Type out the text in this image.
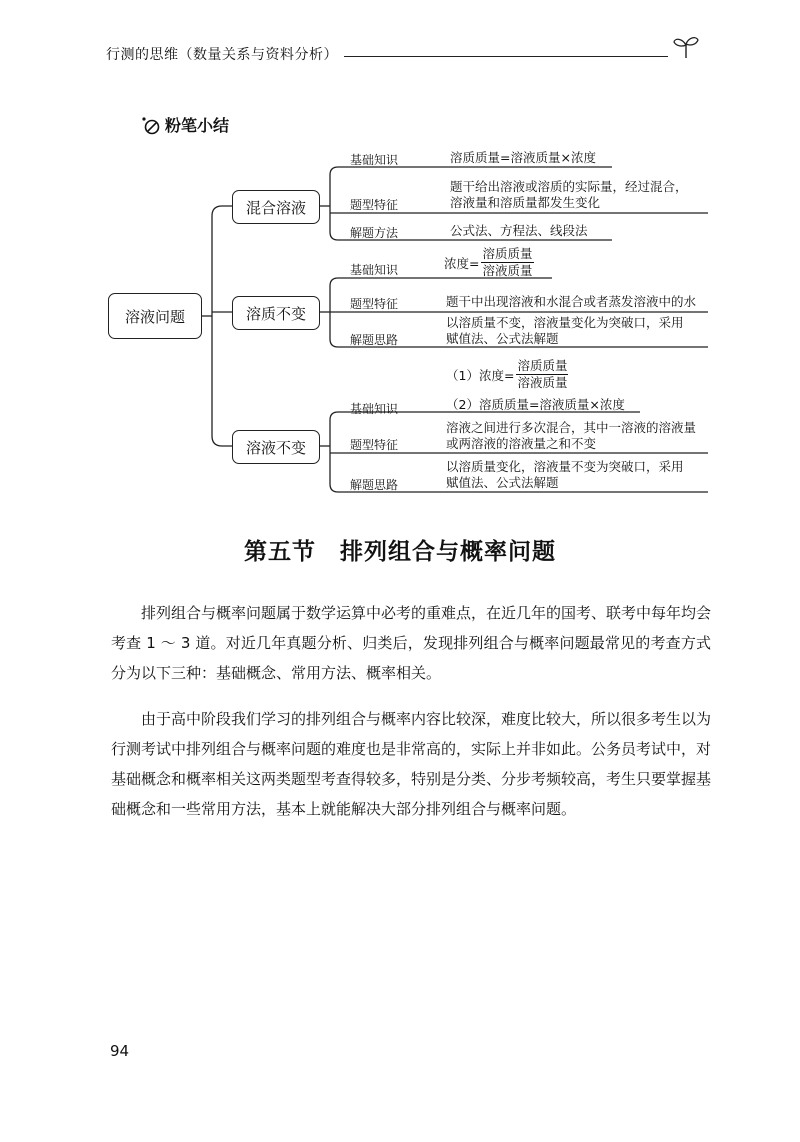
行测的思维（数量关系与资料分析）
粉笔小结
溶液问题
混合溶液
溶质不变
溶液不变
基础知识	溶质质量=溶液质量×浓度
题型特征
题干给出溶液或溶质的实际量，经过混合，
溶液量和溶质量都发生变化
解题方法	公式法、方程法、线段法
基础知识	浓度=
溶质质量
溶液质量
题型特征	题干中出现溶液和水混合或者蒸发溶液中的水
解题思路
以溶质量不变，溶液量变化为突破口，采用
赋值法、公式法解题
（1）浓度=
溶质质量
溶液质量
基础知识	（2）溶质质量=溶液质量×浓度
题型特征
溶液之间进行多次混合，其中一溶液的溶液量
或两溶液的溶液量之和不变
解题思路
以溶质量变化，溶液量不变为突破口，采用
赋值法、公式法解题
第五节　排列组合与概率问题

排列组合与概率问题属于数学运算中必考的重难点，在近几年的国考、联考中每年均会考查 1 ～ 3 道。对近几年真题分析、归类后，发现排列组合与概率问题最常见的考查方式分为以下三种：基础概念、常用方法、概率相关。

由于高中阶段我们学习的排列组合与概率内容比较深，难度比较大，所以很多考生以为行测考试中排列组合与概率问题的难度也是非常高的，实际上并非如此。公务员考试中，对基础概念和概率相关这两类题型考查得较多，特别是分类、分步考频较高，考生只要掌握基础概念和一些常用方法，基本上就能解决大部分排列组合与概率问题。

94
